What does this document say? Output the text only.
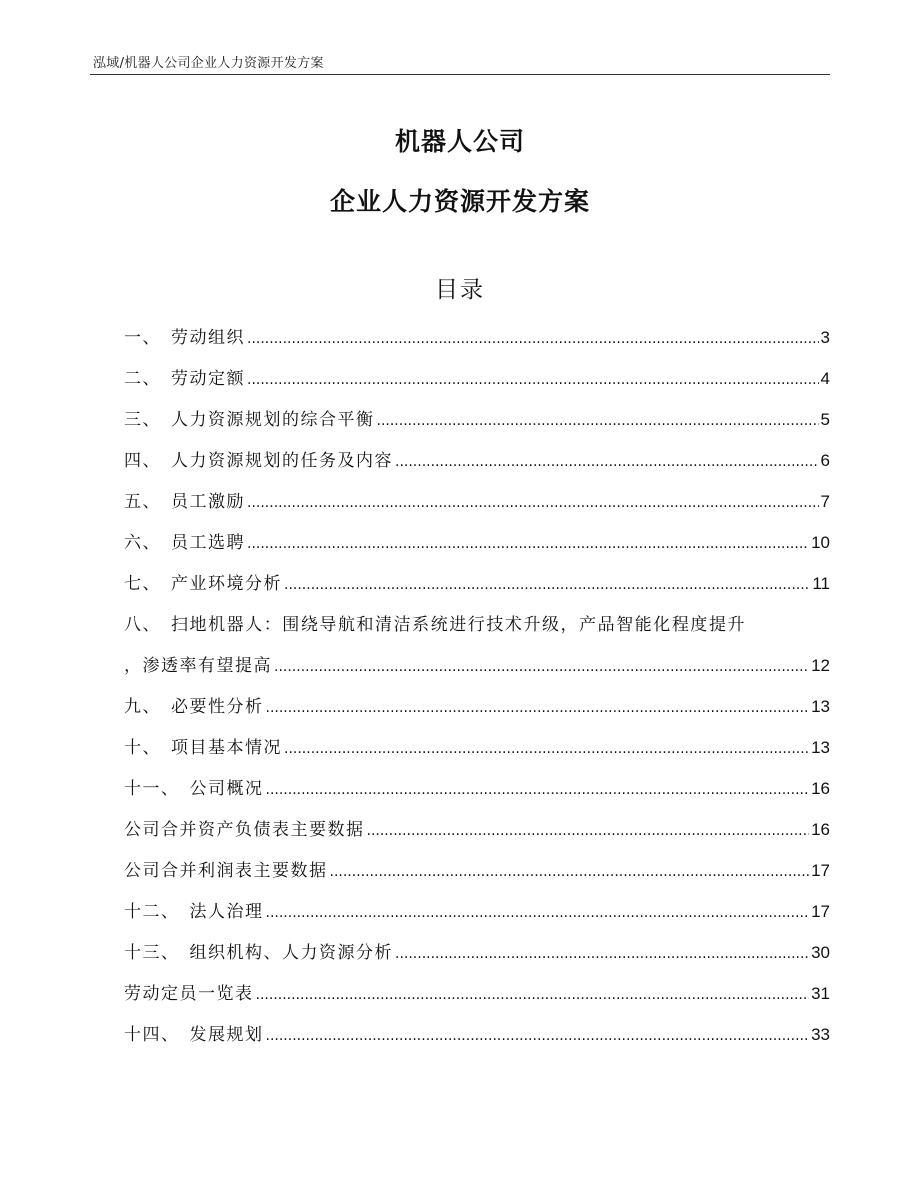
泓域/机器人公司企业人力资源开发方案
机器人公司
企业人力资源开发方案
目录
一、 劳动组织 .....	3
二、 劳动定额 .....	4
三、 人力资源规划的综合平衡 .....	5
四、 人力资源规划的任务及内容 .....	6
五、 员工激励 .....	7
六、 员工选聘 .....	10
七、 产业环境分析 .....	11
八、 扫地机器人：围绕导航和清洁系统进行技术升级，产品智能化程度提升
，渗透率有望提高 .....	12
九、 必要性分析 .....	13
十、 项目基本情况 .....	13
十一、 公司概况 .....	16
公司合并资产负债表主要数据 .....	16
公司合并利润表主要数据 .....	17
十二、 法人治理 .....	17
十三、 组织机构、人力资源分析 .....	30
劳动定员一览表 .....	31
十四、 发展规划 .....	33
